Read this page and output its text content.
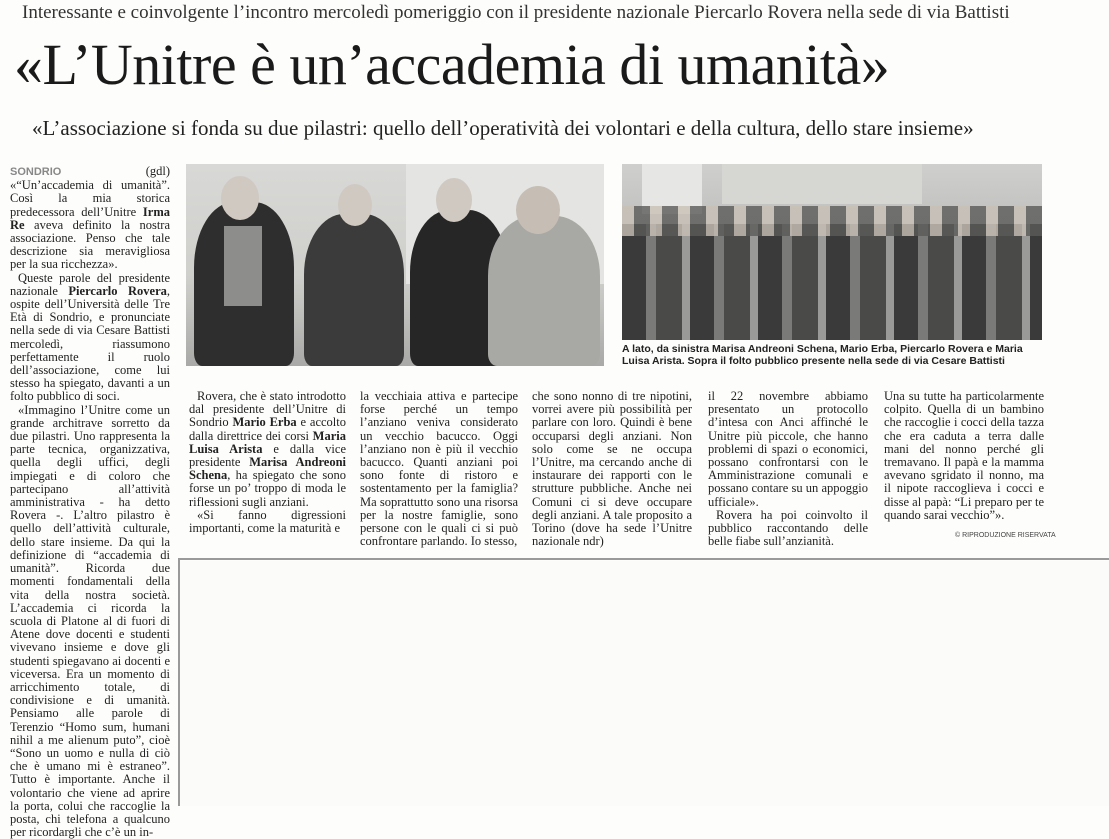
Interessante e coinvolgente l’incontro mercoledì pomeriggio con il presidente nazionale Piercarlo Rovera nella sede di via Battisti
«L’Unitre è un’accademia di umanità»
«L’associazione si fonda su due pilastri: quello dell’operatività dei volontari e della cultura, dello stare insieme»

SONDRIO	(gdl) «“Un’accademia di umanità”. Così la mia storica predecessora dell’Unitre Irma Re aveva definito la nostra associazione. Penso che tale descrizione sia meravigliosa per la sua ricchezza».

Queste parole del presidente nazionale Piercarlo Rovera, ospite dell’Università delle Tre Età di Sondrio, e pronunciate nella sede di via Cesare Battisti mercoledì, riassumono perfettamente il ruolo dell’associazione, come lui stesso ha spiegato, davanti a un folto pubblico di soci.

«Immagino l’Unitre come un grande architrave sorretto da due pilastri. Uno rappresenta la parte tecnica, organizzativa, quella degli uffici, degli impiegati e di coloro che partecipano all’attività amministrativa - ha detto Rovera -. L’altro pilastro è quello dell’attività culturale, dello stare insieme. Da qui la definizione di “accademia di umanità”. Ricorda due momenti fondamentali della vita della nostra società. L’accademia ci ricorda la scuola di Platone al di fuori di Atene dove docenti e studenti vivevano insieme e dove gli studenti spiegavano ai docenti e viceversa. Era un momento di arricchimento totale, di condivisione e di umanità. Pensiamo alle parole di Terenzio “Homo sum, humani nihil a me alienum puto”, cioè “Sono un uomo e nulla di ciò che è umano mi è estraneo”. Tutto è importante. Anche il volontario che viene ad aprire la porta, colui che raccoglie la posta, chi telefona a qualcuno per ricordargli che c’è un in-

A lato, da sinistra Marisa Andreoni Schena, Mario Erba, Piercarlo Rovera e Maria Luisa Arista. Sopra il folto pubblico presente nella sede di via Cesare Battisti

Rovera, che è stato introdotto dal presidente dell’Unitre di Sondrio Mario Erba e accolto dalla direttrice dei corsi Maria Luisa Arista e dalla vice presidente Marisa Andreoni Schena, ha spiegato che sono forse un po’ troppo di moda le riflessioni sugli anziani.

«Si fanno digressioni importanti, come la maturità e

la vecchiaia attiva e partecipe forse perché un tempo l’anziano veniva considerato un vecchio bacucco. Oggi l’anziano non è più il vecchio bacucco. Quanti anziani poi sono fonte di ristoro e sostentamento per la famiglia? Ma soprattutto sono una risorsa per la nostre famiglie, sono persone con le quali ci si può confrontare parlando. Io stesso,

che sono nonno di tre nipotini, vorrei avere più possibilità per parlare con loro. Quindi è bene occuparsi degli anziani. Non solo come se ne occupa l’Unitre, ma cercando anche di instaurare dei rapporti con le strutture pubbliche. Anche nei Comuni ci si deve occupare degli anziani. A tale proposito a Torino (dove ha sede l’Unitre nazionale ndr)

il 22 novembre abbiamo presentato un protocollo d’intesa con Anci affinché le Unitre più piccole, che hanno problemi di spazi o economici, possano confrontarsi con le Amministrazione comunali e possano contare su un appoggio ufficiale».

Rovera ha poi coinvolto il pubblico raccontando delle belle fiabe sull’anzianità.

Una su tutte ha particolarmente colpito. Quella di un bambino che raccoglie i cocci della tazza che era caduta a terra dalle mani del nonno perché gli tremavano. Il papà e la mamma avevano sgridato il nonno, ma il nipote raccoglieva i cocci e disse al papà: “Li preparo per te quando sarai vecchio”».

© RIPRODUZIONE RISERVATA
